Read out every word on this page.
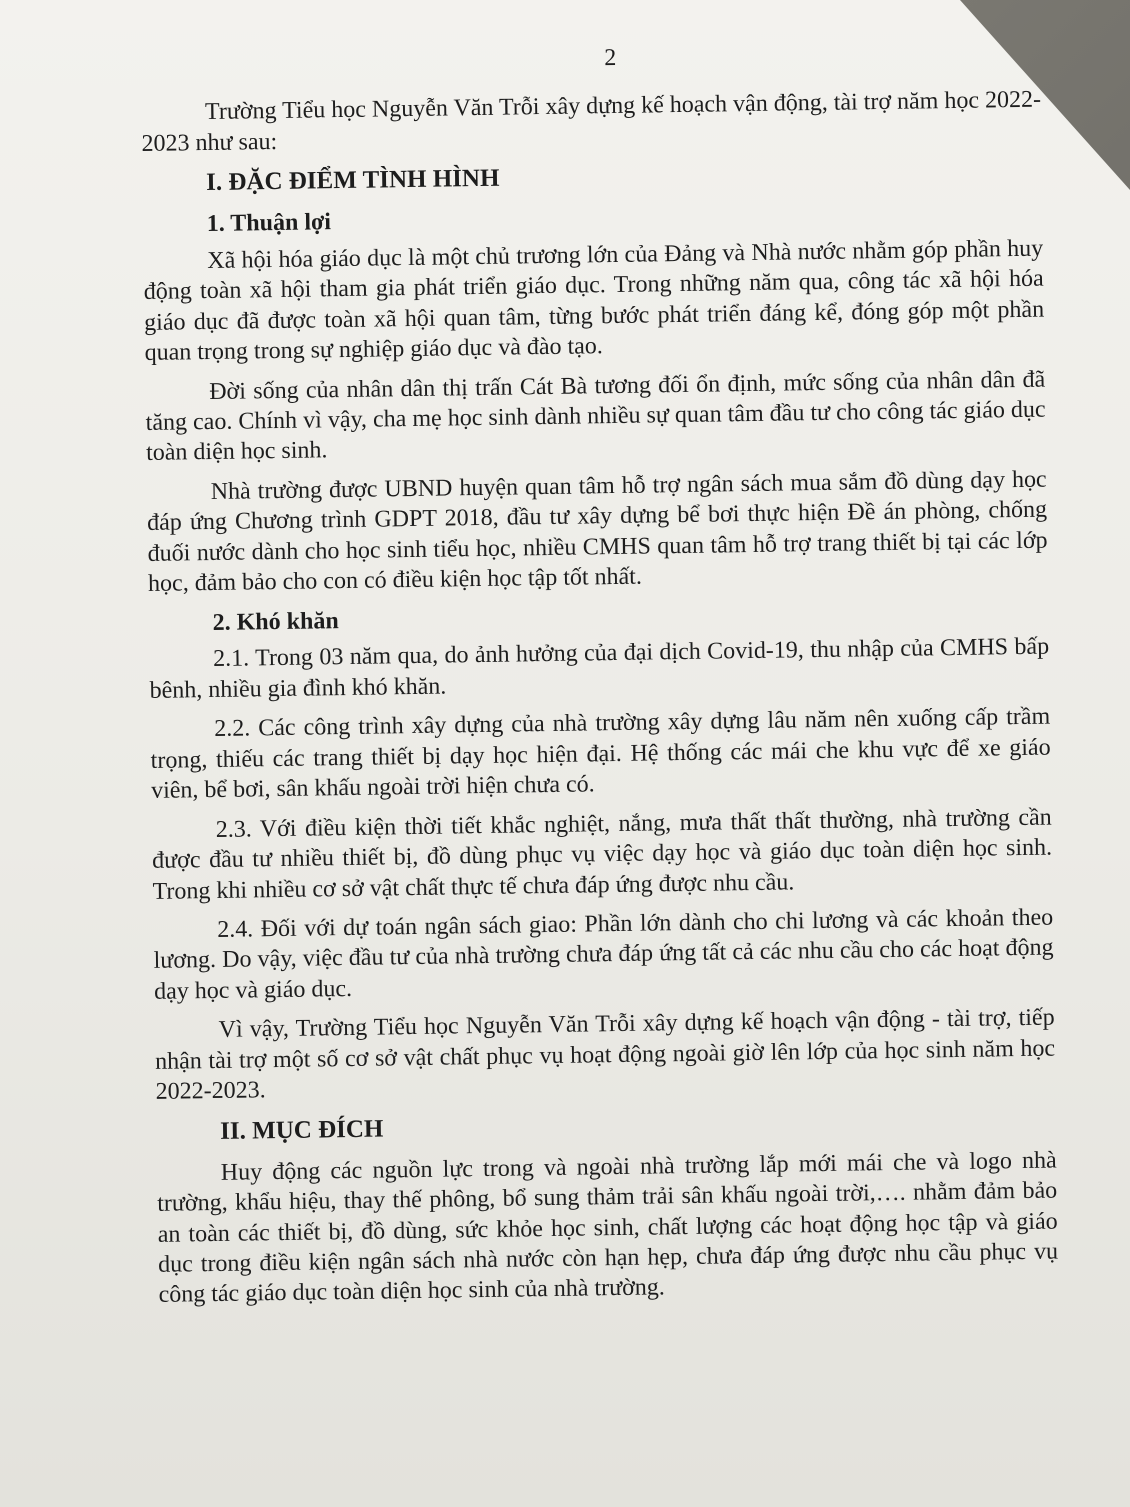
2

Trường Tiểu học Nguyễn Văn Trỗi xây dựng kế hoạch vận động, tài trợ năm học 2022-2023 như sau:

I. ĐẶC ĐIỂM TÌNH HÌNH
1. Thuận lợi

Xã hội hóa giáo dục là một chủ trương lớn của Đảng và Nhà nước nhằm góp phần huy động toàn xã hội tham gia phát triển giáo dục. Trong những năm qua, công tác xã hội hóa giáo dục đã được toàn xã hội quan tâm, từng bước phát triển đáng kể, đóng góp một phần quan trọng trong sự nghiệp giáo dục và đào tạo.

Đời sống của nhân dân thị trấn Cát Bà tương đối ổn định, mức sống của nhân dân đã tăng cao. Chính vì vậy, cha mẹ học sinh dành nhiều sự quan tâm đầu tư cho công tác giáo dục toàn diện học sinh.

Nhà trường được UBND huyện quan tâm hỗ trợ ngân sách mua sắm đồ dùng dạy học đáp ứng Chương trình GDPT 2018, đầu tư xây dựng bể bơi thực hiện Đề án phòng, chống đuối nước dành cho học sinh tiểu học, nhiều CMHS quan tâm hỗ trợ trang thiết bị tại các lớp học, đảm bảo cho con có điều kiện học tập tốt nhất.

2. Khó khăn

2.1. Trong 03 năm qua, do ảnh hưởng của đại dịch Covid-19, thu nhập của CMHS bấp bênh, nhiều gia đình khó khăn.

2.2. Các công trình xây dựng của nhà trường xây dựng lâu năm nên xuống cấp trầm trọng, thiếu các trang thiết bị dạy học hiện đại. Hệ thống các mái che khu vực để xe giáo viên, bể bơi, sân khấu ngoài trời hiện chưa có.

2.3. Với điều kiện thời tiết khắc nghiệt, nắng, mưa thất thất thường, nhà trường cần được đầu tư nhiều thiết bị, đồ dùng phục vụ việc dạy học và giáo dục toàn diện học sinh. Trong khi nhiều cơ sở vật chất thực tế chưa đáp ứng được nhu cầu.

2.4. Đối với dự toán ngân sách giao: Phần lớn dành cho chi lương và các khoản theo lương. Do vậy, việc đầu tư của nhà trường chưa đáp ứng tất cả các nhu cầu cho các hoạt động dạy học và giáo dục.

Vì vậy, Trường Tiểu học Nguyễn Văn Trỗi xây dựng kế hoạch vận động - tài trợ, tiếp nhận tài trợ một số cơ sở vật chất phục vụ hoạt động ngoài giờ lên lớp của học sinh năm học 2022-2023.

II. MỤC ĐÍCH

Huy động các nguồn lực trong và ngoài nhà trường lắp mới mái che và logo nhà trường, khẩu hiệu, thay thế phông, bổ sung thảm trải sân khấu ngoài trời,…. nhằm đảm bảo an toàn các thiết bị, đồ dùng, sức khỏe học sinh, chất lượng các hoạt động học tập và giáo dục trong điều kiện ngân sách nhà nước còn hạn hẹp, chưa đáp ứng được nhu cầu phục vụ công tác giáo dục toàn diện học sinh của nhà trường.
